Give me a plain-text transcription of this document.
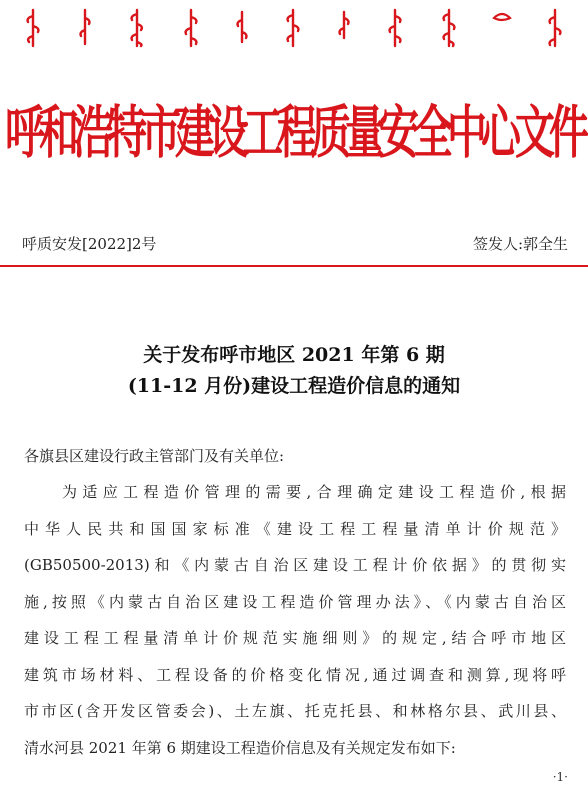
呼和浩特市建设工程质量安全中心文件
呼质安发[2022]2号	签发人:郭全生
关于发布呼市地区 2021 年第 6 期
(11-12 月份)建设工程造价信息的通知
各旗县区建设行政主管部门及有关单位:
为适应工程造价管理的需要,合理确定建设工程造价,根据
中华人民共和国国家标准《建设工程工程量清单计价规范》
(GB50500-2013)和《内蒙古自治区建设工程计价依据》的贯彻实
施,按照《内蒙古自治区建设工程造价管理办法》、《内蒙古自治区
建设工程工程量清单计价规范实施细则》的规定,结合呼市地区
建筑市场材料、工程设备的价格变化情况,通过调查和测算,现将呼
市市区(含开发区管委会)、土左旗、托克托县、和林格尔县、武川县、
清水河县 2021 年第 6 期建设工程造价信息及有关规定发布如下:
·1·
